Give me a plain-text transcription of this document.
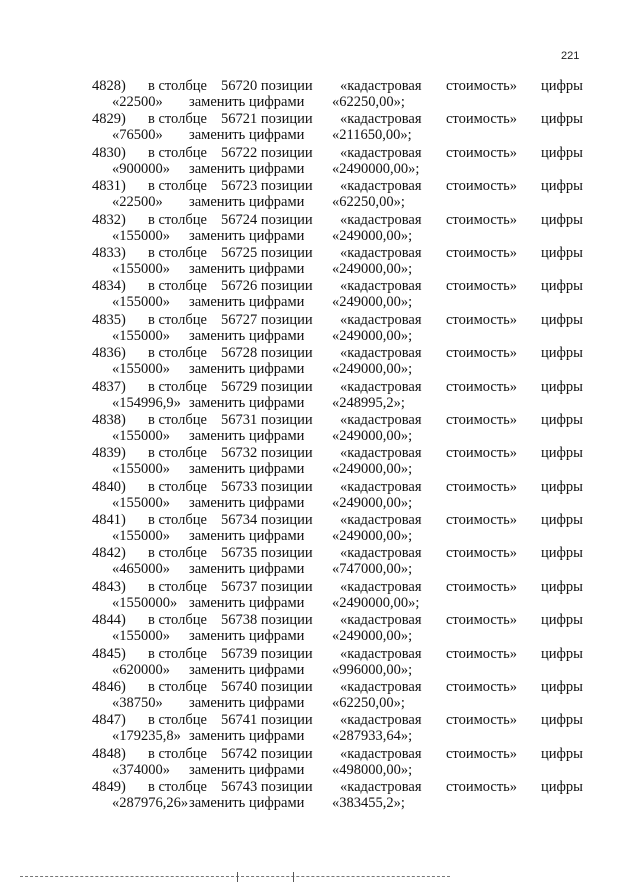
221
4828) в столбце 56720 позиции «кадастровая стоимость» цифры
«22500» заменить цифрами «62250,00»;
4829) в столбце 56721 позиции «кадастровая стоимость» цифры
«76500» заменить цифрами «211650,00»;
4830) в столбце 56722 позиции «кадастровая стоимость» цифры
«900000» заменить цифрами «2490000,00»;
4831) в столбце 56723 позиции «кадастровая стоимость» цифры
«22500» заменить цифрами «62250,00»;
4832) в столбце 56724 позиции «кадастровая стоимость» цифры
«155000» заменить цифрами «249000,00»;
4833) в столбце 56725 позиции «кадастровая стоимость» цифры
«155000» заменить цифрами «249000,00»;
4834) в столбце 56726 позиции «кадастровая стоимость» цифры
«155000» заменить цифрами «249000,00»;
4835) в столбце 56727 позиции «кадастровая стоимость» цифры
«155000» заменить цифрами «249000,00»;
4836) в столбце 56728 позиции «кадастровая стоимость» цифры
«155000» заменить цифрами «249000,00»;
4837) в столбце 56729 позиции «кадастровая стоимость» цифры
«154996,9» заменить цифрами «248995,2»;
4838) в столбце 56731 позиции «кадастровая стоимость» цифры
«155000» заменить цифрами «249000,00»;
4839) в столбце 56732 позиции «кадастровая стоимость» цифры
«155000» заменить цифрами «249000,00»;
4840) в столбце 56733 позиции «кадастровая стоимость» цифры
«155000» заменить цифрами «249000,00»;
4841) в столбце 56734 позиции «кадастровая стоимость» цифры
«155000» заменить цифрами «249000,00»;
4842) в столбце 56735 позиции «кадастровая стоимость» цифры
«465000» заменить цифрами «747000,00»;
4843) в столбце 56737 позиции «кадастровая стоимость» цифры
«1550000» заменить цифрами «2490000,00»;
4844) в столбце 56738 позиции «кадастровая стоимость» цифры
«155000» заменить цифрами «249000,00»;
4845) в столбце 56739 позиции «кадастровая стоимость» цифры
«620000» заменить цифрами «996000,00»;
4846) в столбце 56740 позиции «кадастровая стоимость» цифры
«38750» заменить цифрами «62250,00»;
4847) в столбце 56741 позиции «кадастровая стоимость» цифры
«179235,8» заменить цифрами «287933,64»;
4848) в столбце 56742 позиции «кадастровая стоимость» цифры
«374000» заменить цифрами «498000,00»;
4849) в столбце 56743 позиции «кадастровая стоимость» цифры
«287976,26» заменить цифрами «383455,2»;
